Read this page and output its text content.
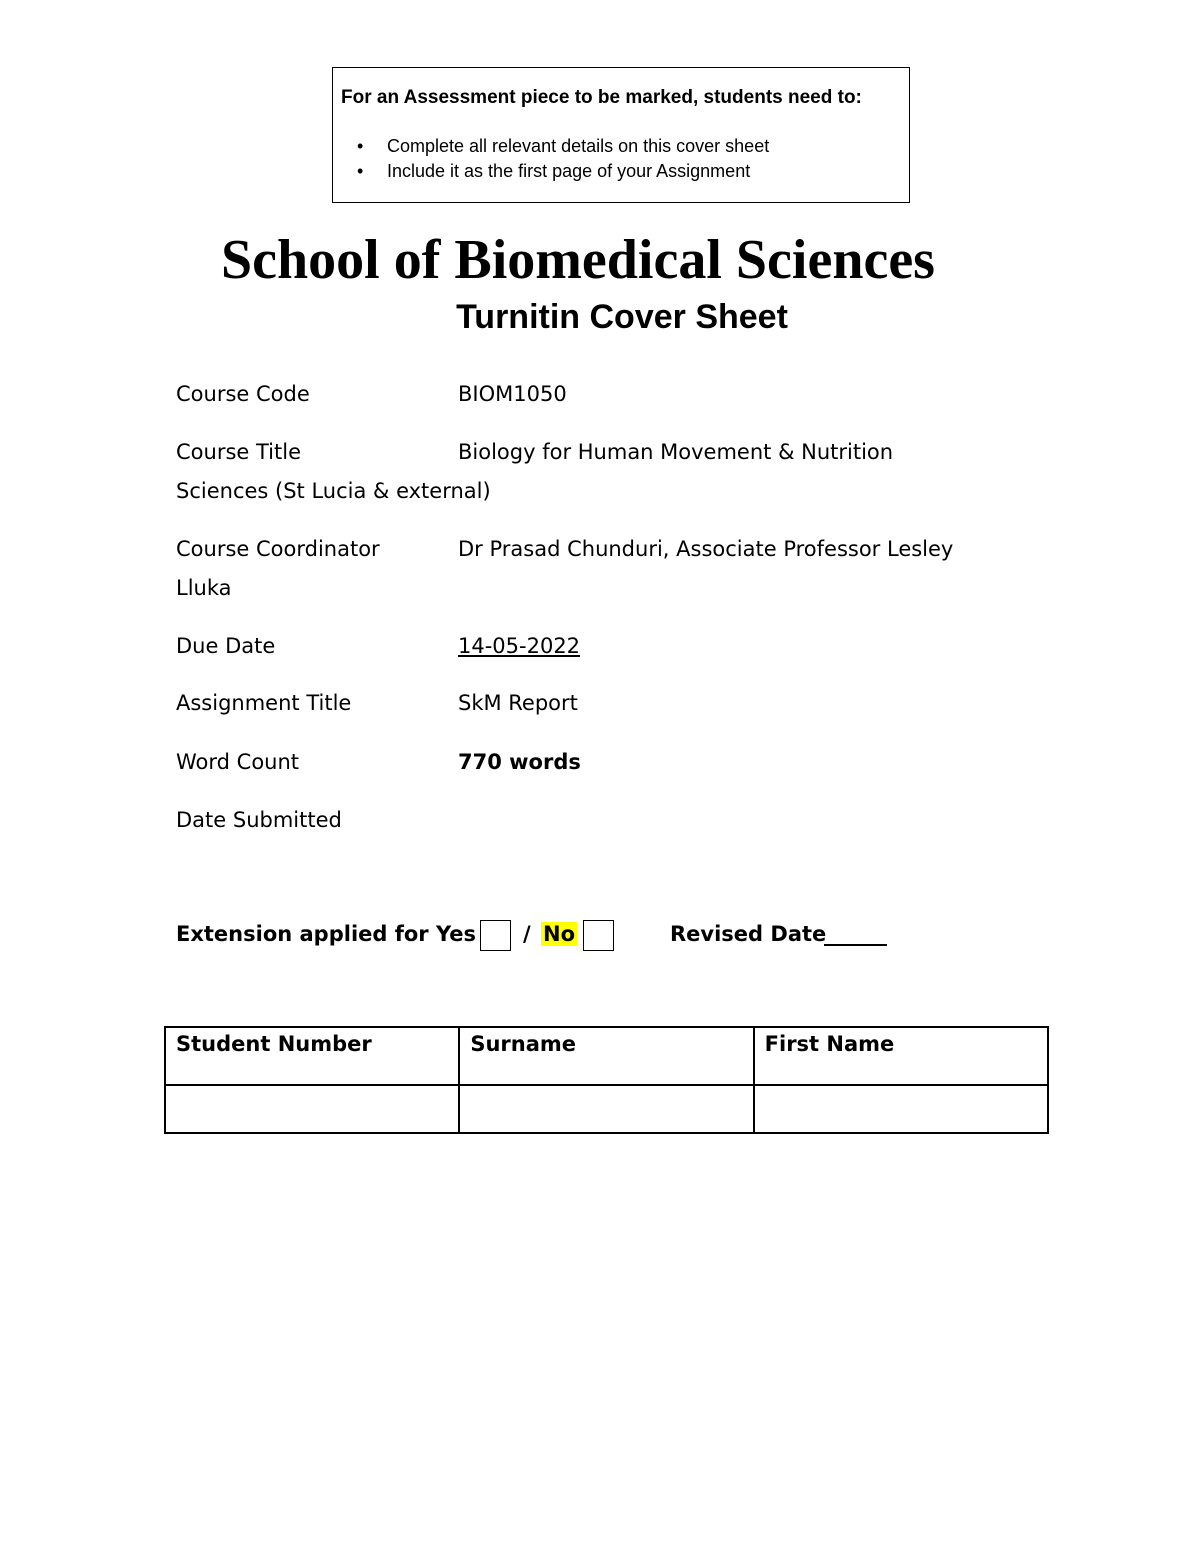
For an Assessment piece to be marked, students need to:
• Complete all relevant details on this cover sheet
• Include it as the first page of your Assignment
School of Biomedical Sciences
Turnitin Cover Sheet
Course Code	BIOM1050
Course Title	Biology for Human Movement & Nutrition
Sciences (St Lucia & external)
Course Coordinator	Dr Prasad Chunduri, Associate Professor Lesley
Lluka
Due Date	14-05-2022
Assignment Title	SkM Report
Word Count	770 words
Date Submitted
Extension applied for Yes / No	Revised Date
______
Student Number	Surname	First Name
